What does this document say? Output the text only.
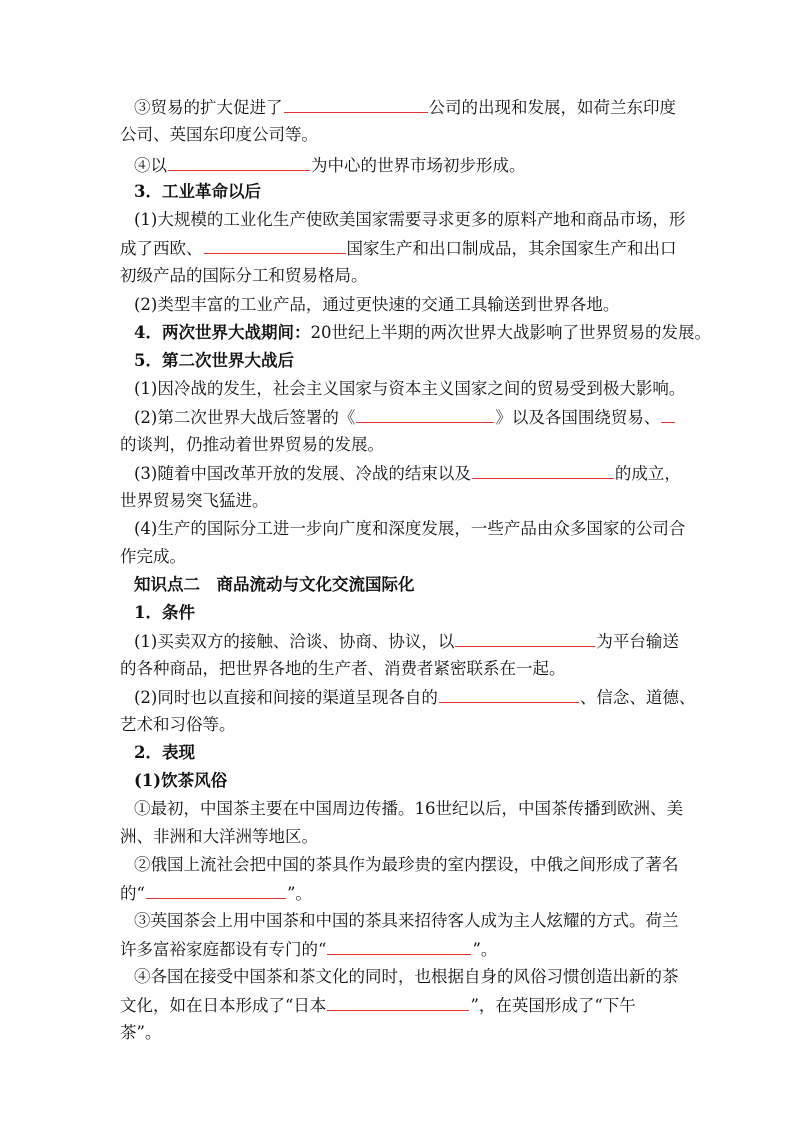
③贸易的扩大促进了	公司的出现和发展，如荷兰东印度
公司、英国东印度公司等。
④以	为中心的世界市场初步形成。
3．工业革命以后
(1)大规模的工业化生产使欧美国家需要寻求更多的原料产地和商品市场，形
成了西欧、	国家生产和出口制成品，其余国家生产和出口
初级产品的国际分工和贸易格局。
(2)类型丰富的工业产品，通过更快速的交通工具输送到世界各地。
4．两次世界大战期间：20世纪上半期的两次世界大战影响了世界贸易的发展。
5．第二次世界大战后
(1)因冷战的发生，社会主义国家与资本主义国家之间的贸易受到极大影响。
(2)第二次世界大战后签署的《	》以及各国围绕贸易、
的谈判，仍推动着世界贸易的发展。
(3)随着中国改革开放的发展、冷战的结束以及	的成立，
世界贸易突飞猛进。
(4)生产的国际分工进一步向广度和深度发展，一些产品由众多国家的公司合
作完成。
知识点二　商品流动与文化交流国际化
1．条件
(1)买卖双方的接触、洽谈、协商、协议，以	为平台输送
的各种商品，把世界各地的生产者、消费者紧密联系在一起。
(2)同时也以直接和间接的渠道呈现各自的	、信念、道德、
艺术和习俗等。
2．表现
(1)饮茶风俗
①最初，中国茶主要在中国周边传播。16世纪以后，中国茶传播到欧洲、美
洲、非洲和大洋洲等地区。
②俄国上流社会把中国的茶具作为最珍贵的室内摆设，中俄之间形成了著名
的“	”。
③英国茶会上用中国茶和中国的茶具来招待客人成为主人炫耀的方式。荷兰
许多富裕家庭都设有专门的“	”。
④各国在接受中国茶和茶文化的同时，也根据自身的风俗习惯创造出新的茶
文化，如在日本形成了“日本	”，在英国形成了“下午
茶”。
